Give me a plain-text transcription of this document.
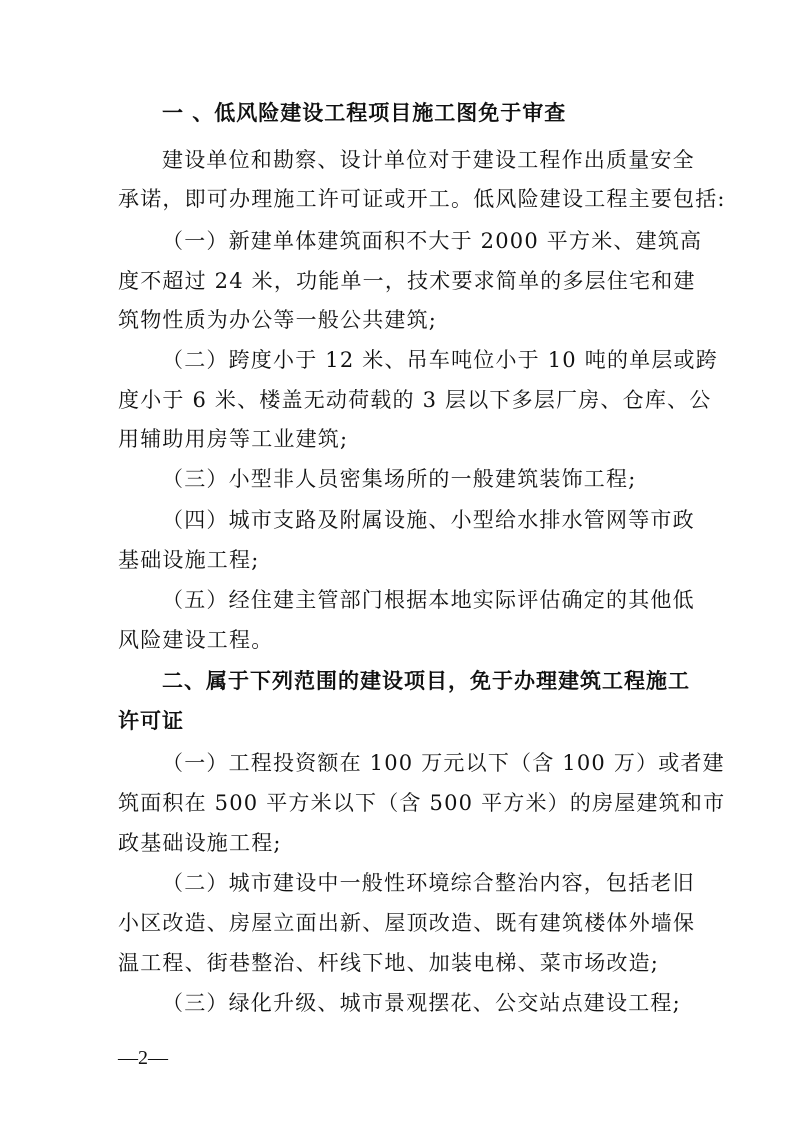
一 、低风险建设工程项目施工图免于审查
建设单位和勘察、设计单位对于建设工程作出质量安全
承诺，即可办理施工许可证或开工。低风险建设工程主要包括:
（一）新建单体建筑面积不大于 2000 平方米、建筑高
度不超过 24 米，功能单一，技术要求简单的多层住宅和建
筑物性质为办公等一般公共建筑;
（二）跨度小于 12 米、吊车吨位小于 10 吨的单层或跨
度小于 6 米、楼盖无动荷载的 3 层以下多层厂房、仓库、公
用辅助用房等工业建筑;
（三）小型非人员密集场所的一般建筑装饰工程;
（四）城市支路及附属设施、小型给水排水管网等市政
基础设施工程;
（五）经住建主管部门根据本地实际评估确定的其他低
风险建设工程。
二、属于下列范围的建设项目，免于办理建筑工程施工
许可证
（一）工程投资额在 100 万元以下（含 100 万）或者建
筑面积在 500 平方米以下（含 500 平方米）的房屋建筑和市
政基础设施工程;
（二）城市建设中一般性环境综合整治内容，包括老旧
小区改造、房屋立面出新、屋顶改造、既有建筑楼体外墙保
温工程、街巷整治、杆线下地、加装电梯、菜市场改造;
（三）绿化升级、城市景观摆花、公交站点建设工程;
—2—
